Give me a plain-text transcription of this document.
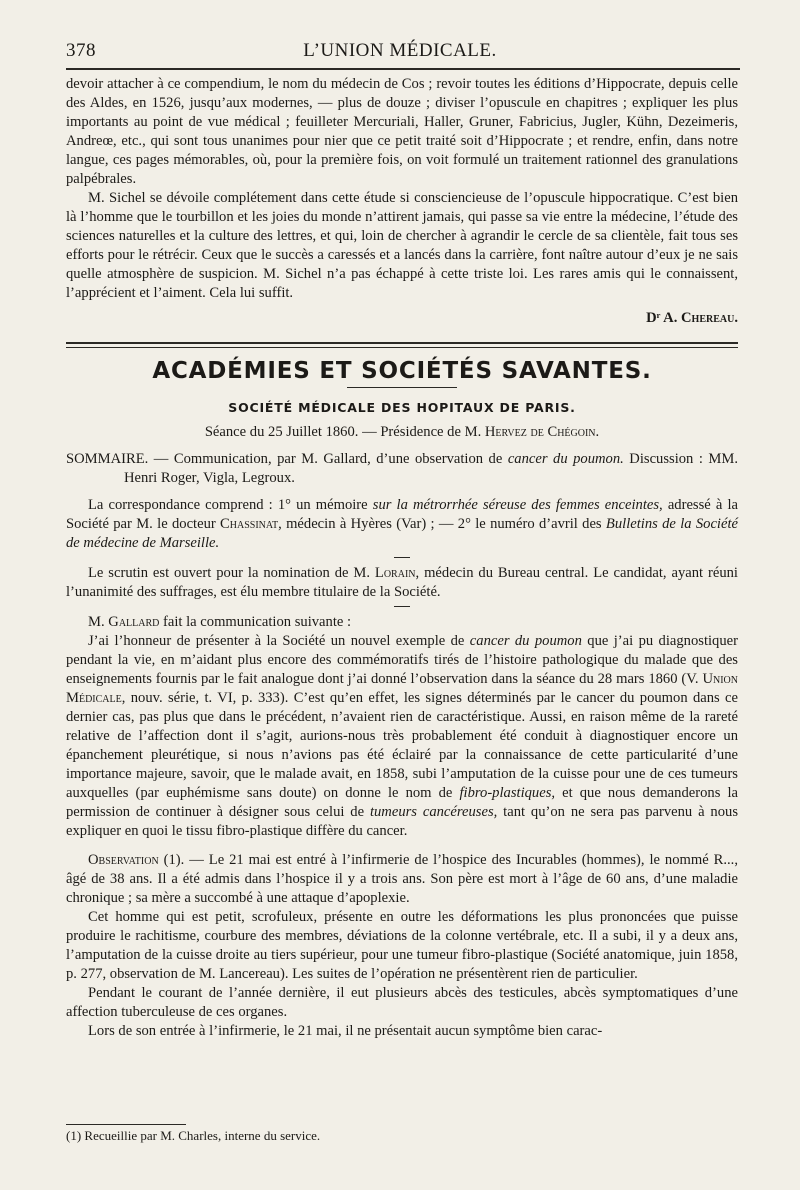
378	L’UNION MÉDICALE.

devoir attacher à ce compendium, le nom du médecin de Cos ; revoir toutes les éditions d’Hippocrate, depuis celle des Aldes, en 1526, jusqu’aux modernes, — plus de douze ; diviser l’opuscule en chapitres ; expliquer les plus importants au point de vue médical ; feuilleter Mercuriali, Haller, Gruner, Fabricius, Jugler, Kühn, Dezeimeris, Andreœ, etc., qui sont tous unanimes pour nier que ce petit traité soit d’Hippocrate ; et rendre, enfin, dans notre langue, ces pages mémorables, où, pour la première fois, on voit formulé un traitement rationnel des granulations palpébrales.

M. Sichel se dévoile complétement dans cette étude si consciencieuse de l’opuscule hippocratique. C’est bien là l’homme que le tourbillon et les joies du monde n’attirent jamais, qui passe sa vie entre la médecine, l’étude des sciences naturelles et la culture des lettres, et qui, loin de chercher à agrandir le cercle de sa clientèle, fait tous ses efforts pour le rétrécir. Ceux que le succès a caressés et a lancés dans la carrière, font naître autour d’eux je ne sais quelle atmosphère de suspicion. M. Sichel n’a pas échappé à cette triste loi. Les rares amis qui le connaissent, l’apprécient et l’aiment. Cela lui suffit.

Dʳ A. Chereau.

ACADÉMIES ET SOCIÉTÉS SAVANTES.

SOCIÉTÉ MÉDICALE DES HOPITAUX DE PARIS.

Séance du 25 Juillet 1860. — Présidence de M. Hervez de Chégoin.

SOMMAIRE. — Communication, par M. Gallard, d’une observation de cancer du poumon. Discussion : MM. Henri Roger, Vigla, Legroux.

La correspondance comprend : 1° un mémoire sur la métrorrhée séreuse des femmes enceintes, adressé à la Société par M. le docteur Chassinat, médecin à Hyères (Var) ; — 2° le numéro d’avril des Bulletins de la Société de médecine de Marseille.

Le scrutin est ouvert pour la nomination de M. Lorain, médecin du Bureau central. Le candidat, ayant réuni l’unanimité des suffrages, est élu membre titulaire de la Société.

M. Gallard fait la communication suivante :

J’ai l’honneur de présenter à la Société un nouvel exemple de cancer du poumon que j’ai pu diagnostiquer pendant la vie, en m’aidant plus encore des commémoratifs tirés de l’histoire pathologique du malade que des enseignements fournis par le fait analogue dont j’ai donné l’observation dans la séance du 28 mars 1860 (V. Union Médicale, nouv. série, t. VI, p. 333). C’est qu’en effet, les signes déterminés par le cancer du poumon dans ce dernier cas, pas plus que dans le précédent, n’avaient rien de caractéristique. Aussi, en raison même de la rareté relative de l’affection dont il s’agit, aurions-nous très probablement été conduit à diagnostiquer encore un épanchement pleurétique, si nous n’avions pas été éclairé par la connaissance de cette particularité d’une importance majeure, savoir, que le malade avait, en 1858, subi l’amputation de la cuisse pour une de ces tumeurs auxquelles (par euphémisme sans doute) on donne le nom de fibro-plastiques, et que nous demanderons la permission de continuer à désigner sous celui de tumeurs cancéreuses, tant qu’on ne sera pas parvenu à nous expliquer en quoi le tissu fibro-plastique diffère du cancer.

Observation (1). — Le 21 mai est entré à l’infirmerie de l’hospice des Incurables (hommes), le nommé R..., âgé de 38 ans. Il a été admis dans l’hospice il y a trois ans. Son père est mort à l’âge de 60 ans, d’une maladie chronique ; sa mère a succombé à une attaque d’apoplexie.

Cet homme qui est petit, scrofuleux, présente en outre les déformations les plus prononcées que puisse produire le rachitisme, courbure des membres, déviations de la colonne vertébrale, etc. Il a subi, il y a deux ans, l’amputation de la cuisse droite au tiers supérieur, pour une tumeur fibro-plastique (Société anatomique, juin 1858, p. 277, observation de M. Lancereau). Les suites de l’opération ne présentèrent rien de particulier.

Pendant le courant de l’année dernière, il eut plusieurs abcès des testicules, abcès symptomatiques d’une affection tuberculeuse de ces organes.

Lors de son entrée à l’infirmerie, le 21 mai, il ne présentait aucun symptôme bien carac-

(1) Recueillie par M. Charles, interne du service.
